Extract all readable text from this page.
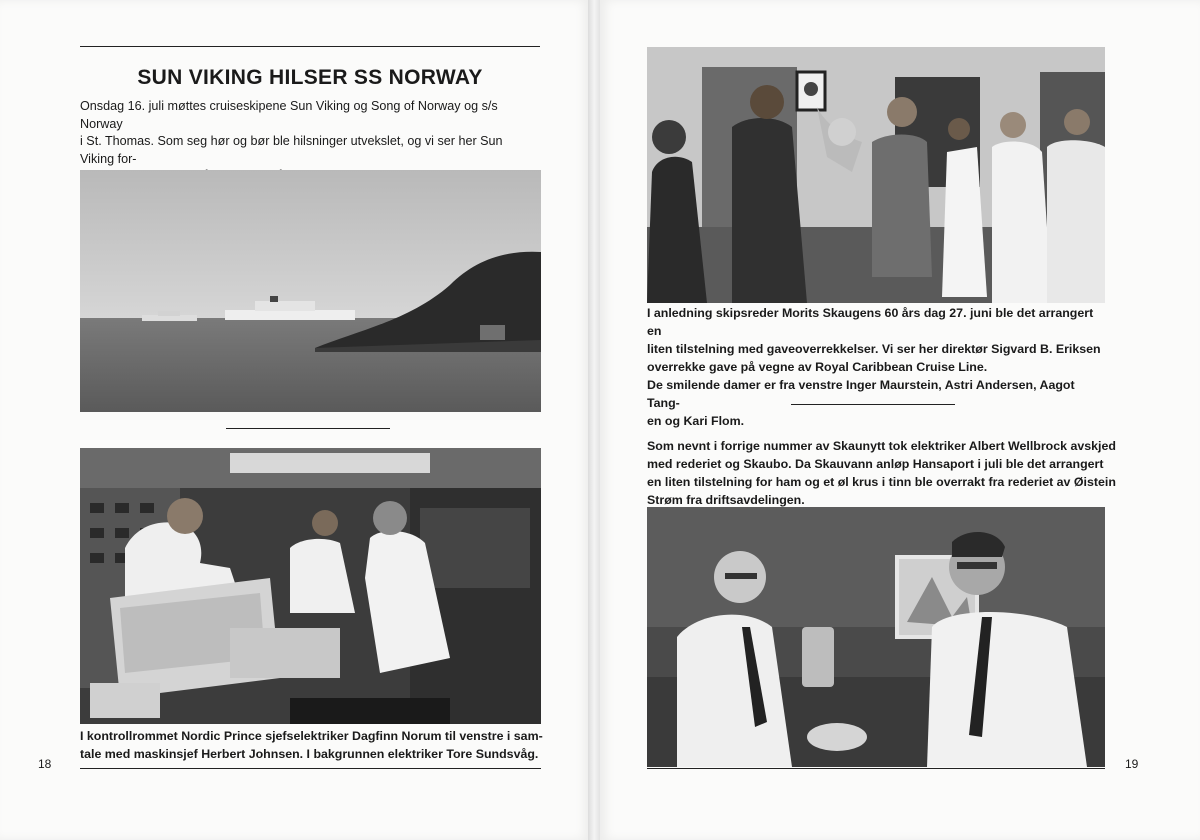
SUN VIKING HILSER SS NORWAY

Onsdag 16. juli møttes cruiseskipene Sun Viking og Song of Norway og s/s Norway
i St. Thomas. Som seg hør og bør ble hilsninger utvekslet, og vi ser her Sun Viking for-

I kontrollrommet Nordic Prince sjefselektriker Dagfinn Norum til venstre i sam-
tale med maskinsjef Herbert Johnsen. I bakgrunnen elektriker Tore Sundsvåg.

18

I anledning skipsreder Morits Skaugens 60 års dag 27. juni ble det arrangert en
liten tilstelning med gaveoverrekkelser. Vi ser her direktør Sigvard B. Eriksen
overrekke gave på vegne av Royal Caribbean Cruise Line.
De smilende damer er fra venstre Inger Maurstein, Astri Andersen, Aagot Tang-
en og Kari Flom.

Som nevnt i forrige nummer av Skaunytt tok elektriker Albert Wellbrock avskjed
med rederiet og Skaubo. Da Skauvann anløp Hansaport i juli ble det arrangert
en liten tilstelning for ham og et øl krus i tinn ble overrakt fra rederiet av Øistein
Strøm fra driftsavdelingen.

19
